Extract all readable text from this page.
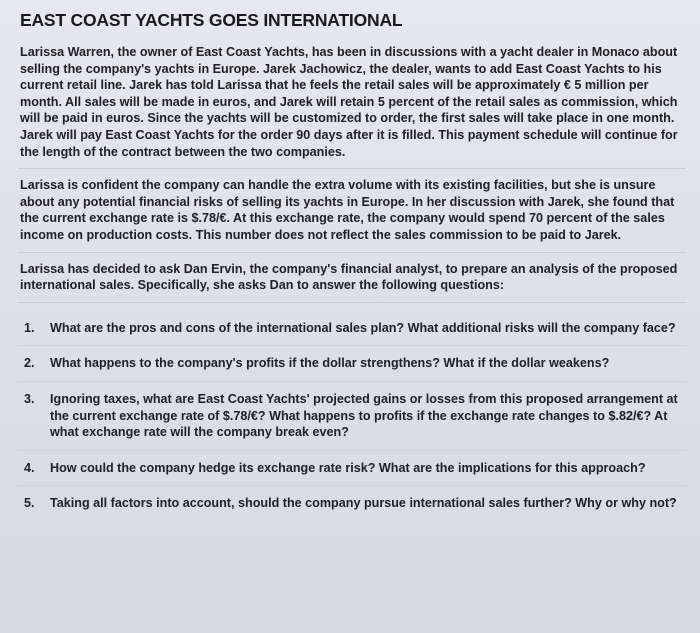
EAST COAST YACHTS GOES INTERNATIONAL

Larissa Warren, the owner of East Coast Yachts, has been in discussions with a yacht dealer in Monaco about selling the company's yachts in Europe. Jarek Jachowicz, the dealer, wants to add East Coast Yachts to his current retail line. Jarek has told Larissa that he feels the retail sales will be approximately € 5 million per month. All sales will be made in euros, and Jarek will retain 5 percent of the retail sales as commission, which will be paid in euros. Since the yachts will be customized to order, the first sales will take place in one month. Jarek will pay East Coast Yachts for the order 90 days after it is filled. This payment schedule will continue for the length of the contract between the two companies.

Larissa is confident the company can handle the extra volume with its existing facilities, but she is unsure about any potential financial risks of selling its yachts in Europe. In her discussion with Jarek, she found that the current exchange rate is $.78/€. At this exchange rate, the company would spend 70 percent of the sales income on production costs. This number does not reflect the sales commission to be paid to Jarek.

Larissa has decided to ask Dan Ervin, the company's financial analyst, to prepare an analysis of the proposed international sales. Specifically, she asks Dan to answer the following questions:

1.	What are the pros and cons of the international sales plan? What additional risks will the company face?
2.	What happens to the company's profits if the dollar strengthens? What if the dollar weakens?
3.	Ignoring taxes, what are East Coast Yachts' projected gains or losses from this proposed arrangement at the current exchange rate of $.78/€? What happens to profits if the exchange rate changes to $.82/€? At what exchange rate will the company break even?
4.	How could the company hedge its exchange rate risk? What are the implications for this approach?
5.	Taking all factors into account, should the company pursue international sales further? Why or why not?
